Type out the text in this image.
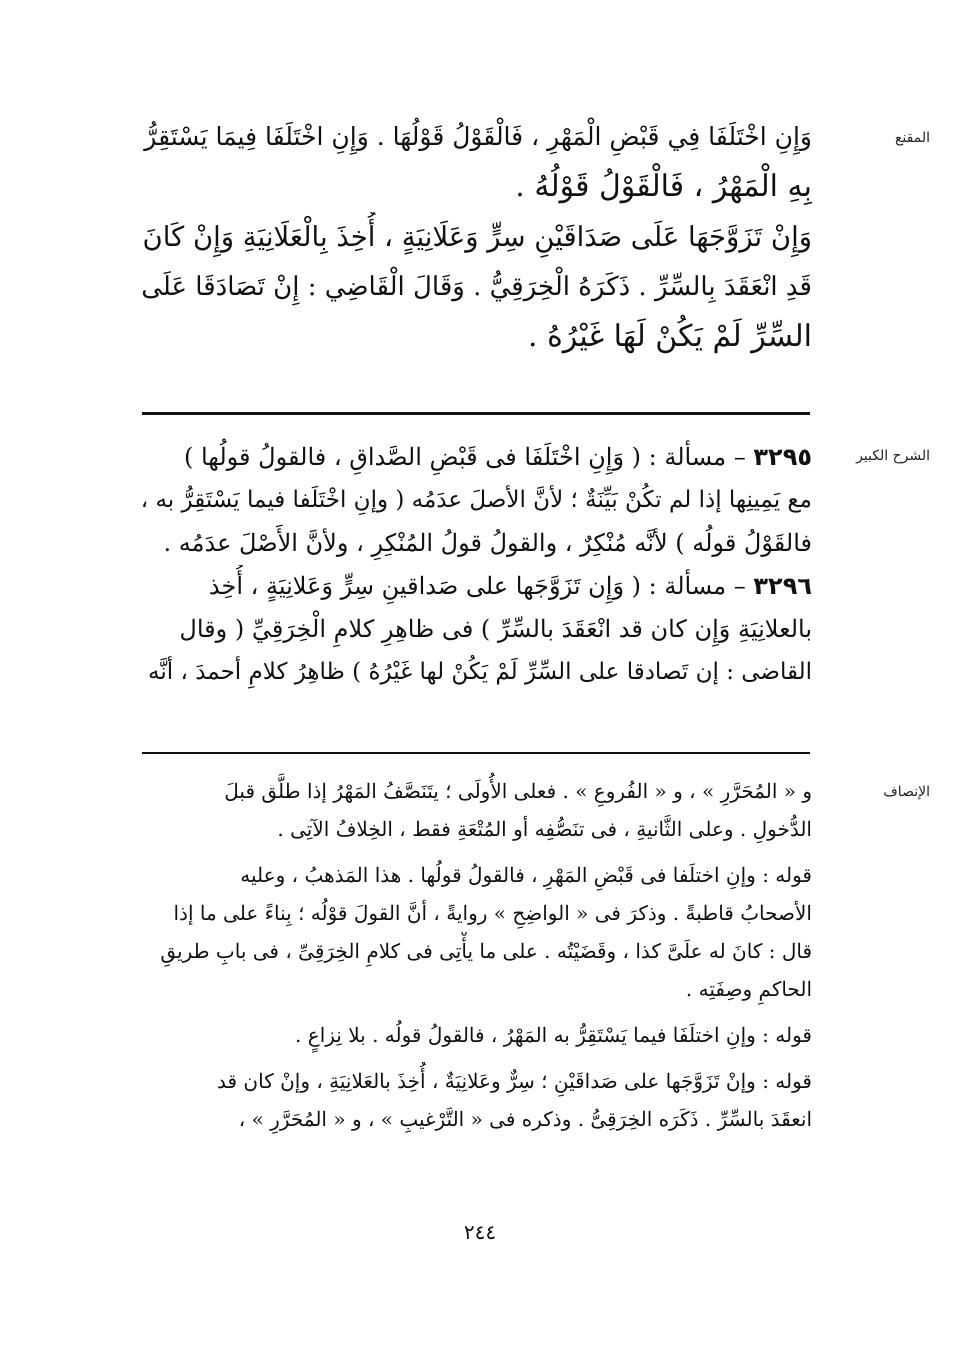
المقنع
الشرح الكبير
الإنصاف
وَإِنِ اخْتَلَفَا فِي قَبْضِ الْمَهْرِ ، فَالْقَوْلُ قَوْلُهَا . وَإِنِ اخْتَلَفَا فِيمَا يَسْتَقِرُّ
بِهِ الْمَهْرُ ، فَالْقَوْلُ قَوْلُهُ .
وَإِنْ تَزَوَّجَهَا عَلَى صَدَاقَيْنِ سِرٍّ وَعَلَانِيَةٍ ، أُخِذَ بِالْعَلَانِيَةِ وَإِنْ كَانَ
قَدِ انْعَقَدَ بِالسِّرِّ . ذَكَرَهُ الْخِرَقِيُّ . وَقَالَ الْقَاضِي : إِنْ تَصَادَقَا عَلَى
السِّرِّ لَمْ يَكُنْ لَهَا غَيْرُهُ .
٣٢٩٥ – مسألة : ( وَإِنِ اخْتَلَفَا فى قَبْضِ الصَّداقِ ، فالقولُ قولُها )
مع يَمِينِها إذا لم تكُنْ بَيِّنَةٌ ؛ لأنَّ الأصلَ عدَمُه ( وإنِ اخْتَلَفا فيما يَسْتَقِرُّ به ،
فالقَوْلُ قولُه ) لأنَّه مُنْكِرٌ ، والقولُ قولُ المُنْكِرِ ، ولأنَّ الأَصْلَ عدَمُه .
٣٢٩٦ – مسألة : ( وَإِن تَزَوَّجَها على صَداقينِ سِرٍّ وَعَلانِيَةٍ ، أُخِذ
بالعلانِيَةِ وَإِن كان قد انْعَقَدَ بالسِّرِّ ) فى ظاهِرِ كلامِ الْخِرَقِيِّ ( وقال
القاضى : إن تَصادقا على السِّرِّ لَمْ يَكُنْ لها غَيْرُهُ ) ظاهِرُ كلامِ أحمدَ ، أنَّه
و « المُحَرَّرِ » ، و « الفُروعِ » . فعلى الأُولَى ؛ يتَنَصَّفُ المَهْرُ إذا طلَّق قبلَ
الدُّخولِ . وعلى الثَّانيةِ ، فى تنَصُّفِه أو المُتْعَةِ فقط ، الخِلافُ الآتِى .
قوله : وإنِ اختلَفا فى قَبْضِ المَهْرِ ، فالقولُ قولُها . هذا المَذهبُ ، وعليه
الأصحابُ قاطبةً . وذكرَ فى « الواضِحِ » روايةً ، أنَّ القولَ قوْلُه ؛ بِناءً على ما إذا
قال : كانَ له علَىَّ كذا ، وقَضَيْتُه . على ما يأْتِى فى كلامِ الخِرَقِىِّ ، فى بابِ طريقِ
الحاكمِ وصِفَتِه .
قوله : وإنِ اختلَفَا فيما يَسْتَقِرُّ به المَهْرُ ، فالقولُ قولُه . بلا نِزاعٍ .
قوله : وإنْ تَزَوَّجَها على صَداقَيْنِ ؛ سِرٌّ وعَلانِيَةٌ ، أُخِذَ بالعَلانِيَةِ ، وإنْ كان قد
انعقَدَ بالسِّرِّ . ذَكَرَه الخِرَقِىُّ . وذكره فى « التَّرْغيبِ » ، و « المُحَرَّرِ » ،
٢٤٤
